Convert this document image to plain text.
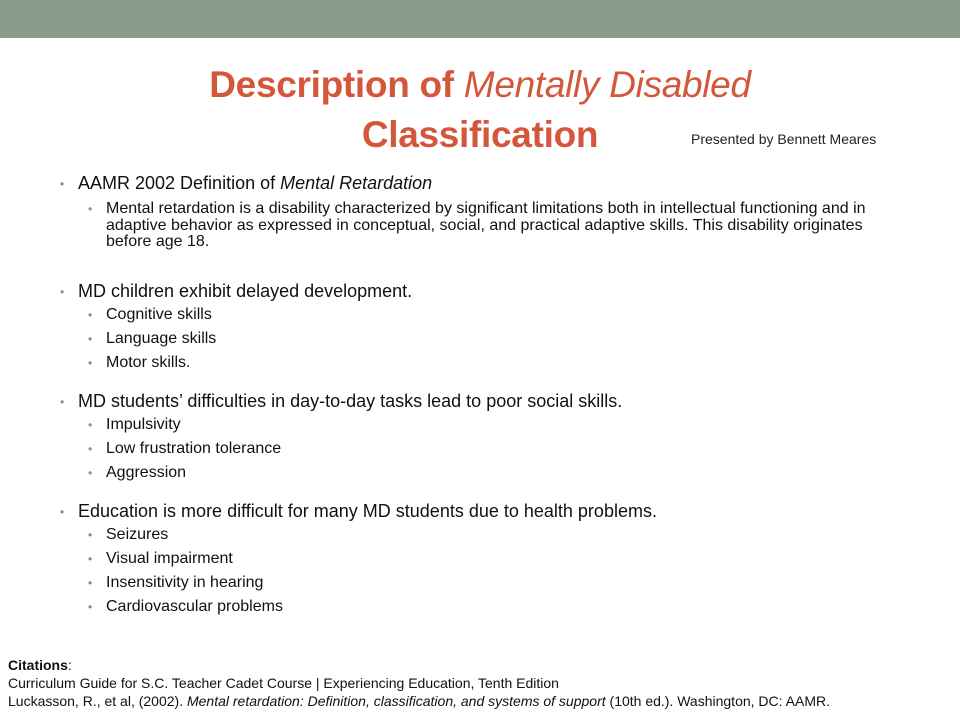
Description of Mentally Disabled
Classification	Presented by Bennett Meares
• AAMR 2002 Definition of Mental Retardation
• Mental retardation is a disability characterized by significant limitations both in intellectual functioning and in adaptive behavior as expressed in conceptual, social, and practical adaptive skills. This disability originates before age 18.
• MD children exhibit delayed development.
• Cognitive skills
• Language skills
• Motor skills.
• MD students’ difficulties in day-to-day tasks lead to poor social skills.
• Impulsivity
• Low frustration tolerance
• Aggression
• Education is more difficult for many MD students due to health problems.
• Seizures
• Visual impairment
• Insensitivity in hearing
• Cardiovascular problems
Citations:
Curriculum Guide for S.C. Teacher Cadet Course | Experiencing Education, Tenth Edition
Luckasson, R., et al, (2002). Mental retardation: Definition, classification, and systems of support (10th ed.). Washington, DC: AAMR.
